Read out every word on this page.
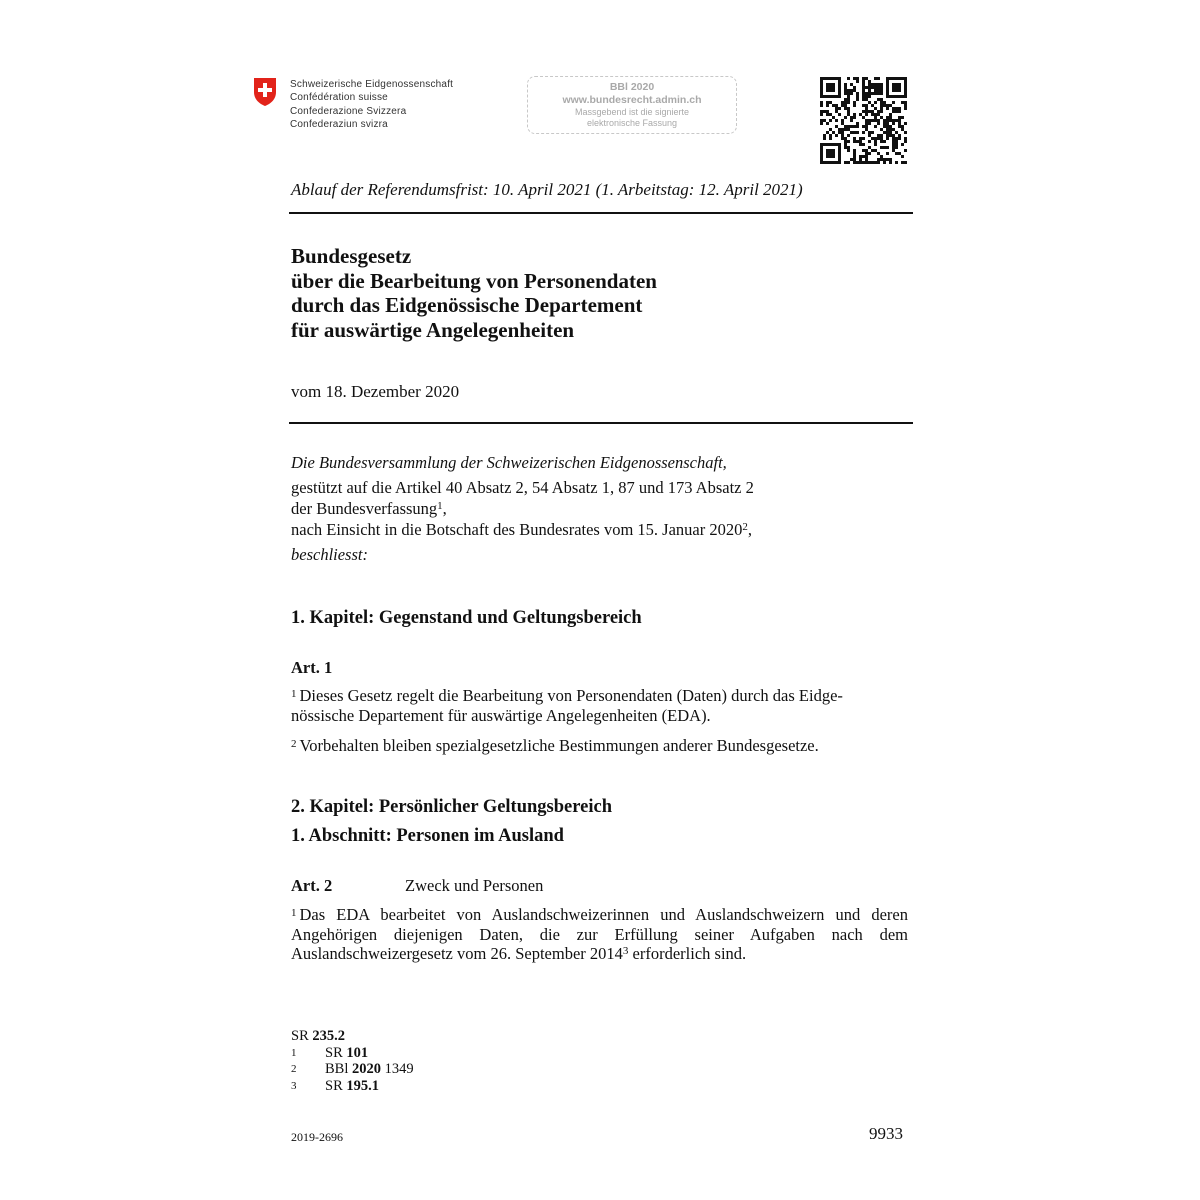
Schweizerische Eidgenossenschaft
Confédération suisse
Confederazione Svizzera
Confederaziun svizra
BBl 2020
www.bundesrecht.admin.ch
Massgebend ist die signierte
elektronische Fassung
Ablauf der Referendumsfrist: 10. April 2021 (1. Arbeitstag: 12. April 2021)
Bundesgesetz
über die Bearbeitung von Personendaten
durch das Eidgenössische Departement
für auswärtige Angelegenheiten
vom 18. Dezember 2020
Die Bundesversammlung der Schweizerischen Eidgenossenschaft,
gestützt auf die Artikel 40 Absatz 2, 54 Absatz 1, 87 und 173 Absatz 2
der Bundesverfassung$^1$,
nach Einsicht in die Botschaft des Bundesrates vom 15. Januar 2020$^2$,
beschliesst:
1. Kapitel: Gegenstand und Geltungsbereich
Art. 1
$^1$ Dieses Gesetz regelt die Bearbeitung von Personendaten (Daten) durch das Eidge-
nössische Departement für auswärtige Angelegenheiten (EDA).
$^2$ Vorbehalten bleiben spezialgesetzliche Bestimmungen anderer Bundesgesetze.
2. Kapitel: Persönlicher Geltungsbereich
1. Abschnitt: Personen im Ausland
Art. 2	Zweck und Personen
$^1$ Das EDA bearbeitet von Auslandschweizerinnen und Auslandschweizern und deren Angehörigen diejenigen Daten, die zur Erfüllung seiner Aufgaben nach dem Auslandschweizergesetz vom 26. September 2014$^3$ erforderlich sind.
SR 235.2
1	SR 101
2	BBl 2020 1349
3	SR 195.1
2019-2696	9933
